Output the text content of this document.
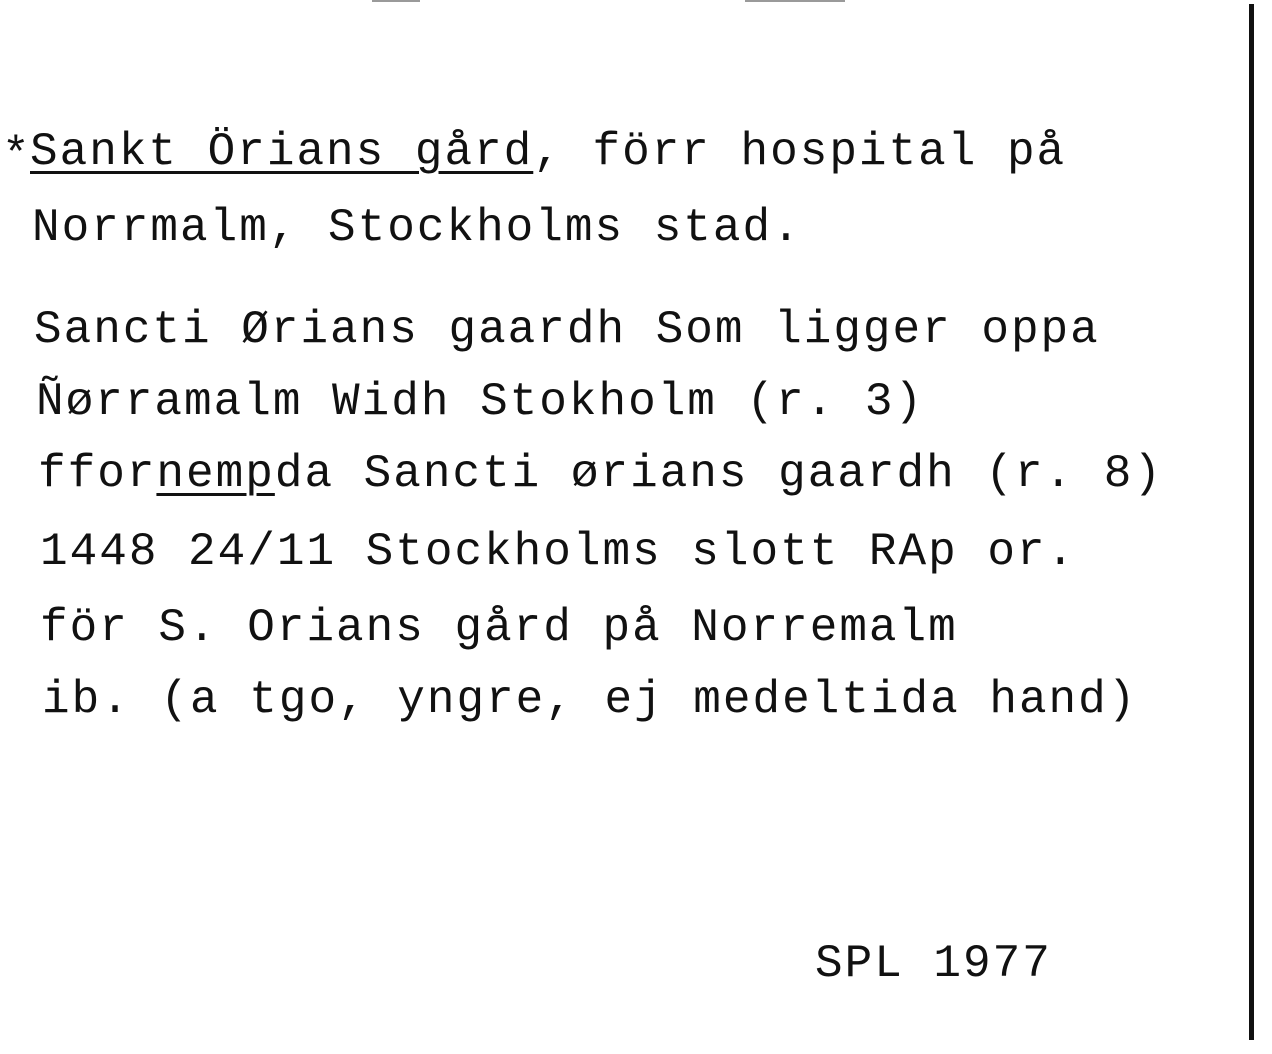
* Sankt Örians gård, förr hospital på

Norrmalm, Stockholms stad.

Sancti Ørians gaardh Som ligger oppa

Ñørramalm Widh Stokholm (r. 3)

ffornempda Sancti ørians gaardh (r. 8)

1448 24/11 Stockholms slott RAp or.

för S. Orians gård på Norremalm

ib. (a tgo, yngre, ej medeltida hand)

SPL 1977
